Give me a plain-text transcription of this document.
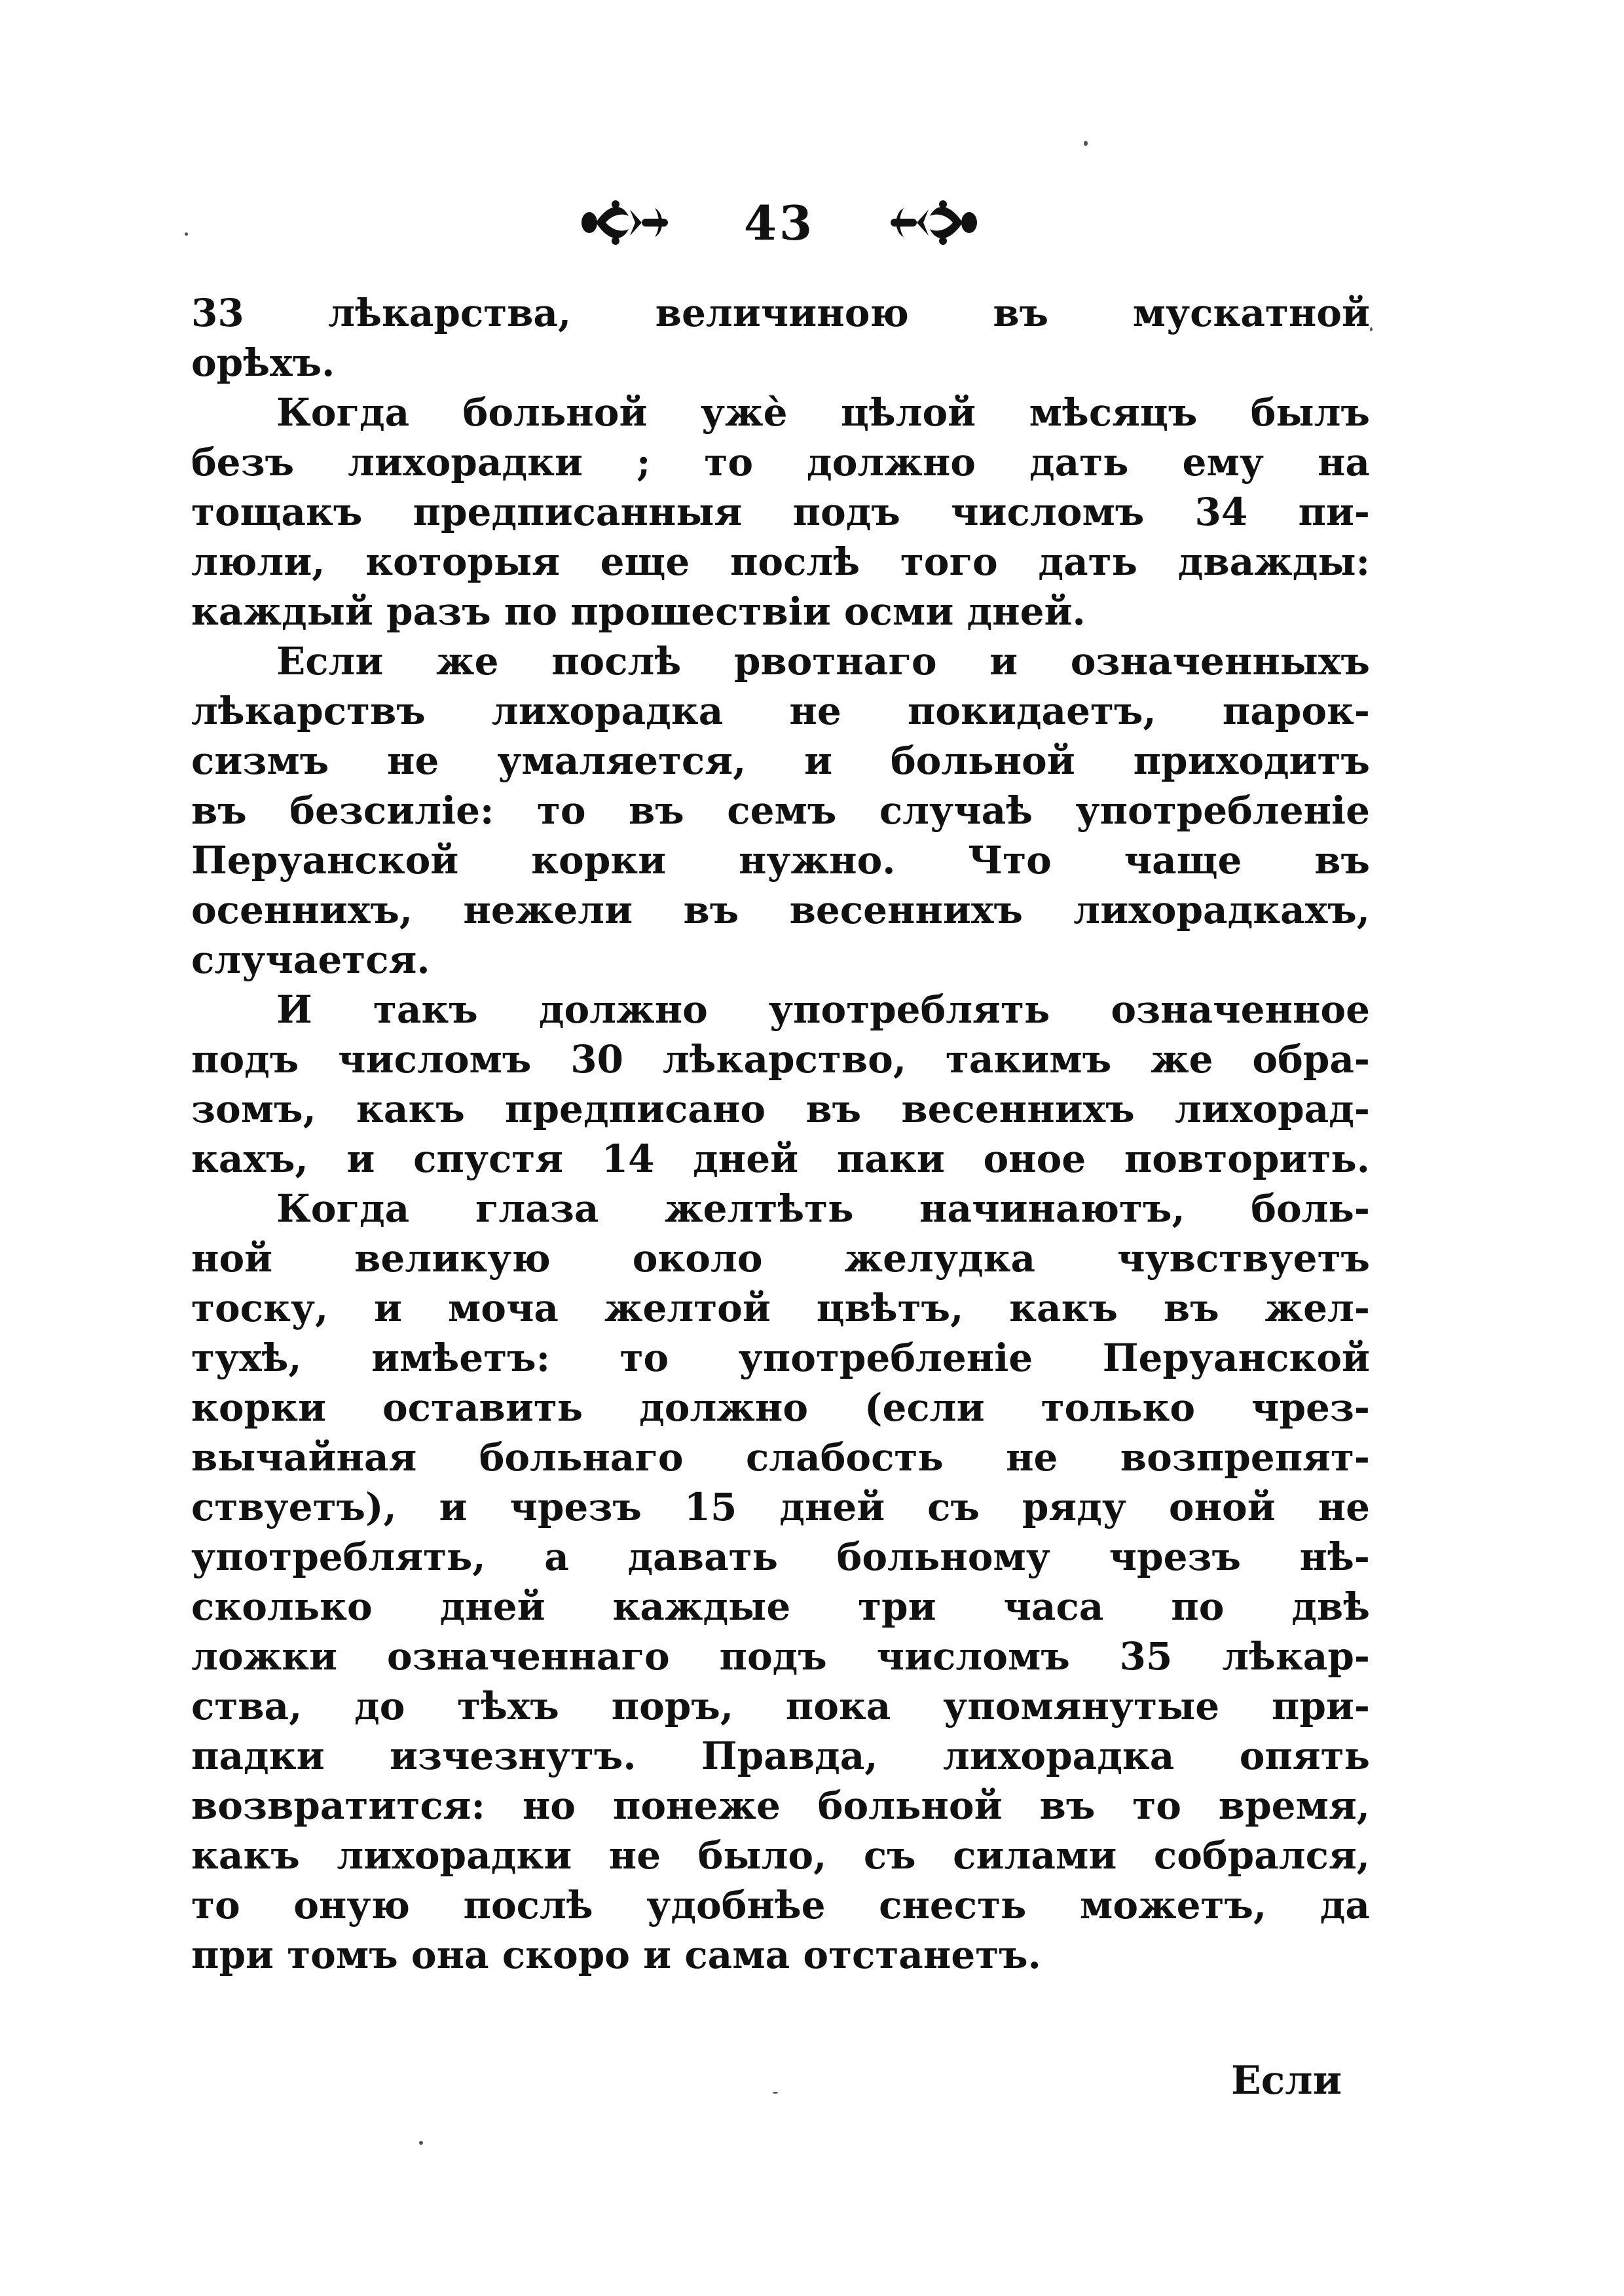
43
33 лѣкарства, величиною въ мускатной
орѣхъ.
Когда больной ужѐ цѣлой мѣсяцъ былъ
безъ лихорадки ; то должно дать ему на
тощакъ предписанныя подъ числомъ 34 пи-
люли, которыя еще послѣ того дать дважды:
каждый разъ по прошествіи осми дней.
Если же послѣ рвотнаго и означенныхъ
лѣкарствъ лихорадка не покидаетъ, парок-
сизмъ не умаляется, и больной приходитъ
въ безсиліе: то въ семъ случаѣ употребленіе
Перуанской корки нужно. Что чаще въ
осеннихъ, нежели въ весеннихъ лихорадкахъ,
случается.
И такъ должно употреблять означенное
подъ числомъ 30 лѣкарство, такимъ же обра-
зомъ, какъ предписано въ весеннихъ лихорад-
кахъ, и спустя 14 дней паки оное повторить.
Когда глаза желтѣть начинаютъ, боль-
ной великую около желудка чувствуетъ
тоску, и моча желтой цвѣтъ, какъ въ жел-
тухѣ, имѣетъ: то употребленіе Перуанской
корки оставить должно (если только чрез-
вычайная больнаго слабость не возпрепят-
ствуетъ), и чрезъ 15 дней съ ряду оной не
употреблять, а давать больному чрезъ нѣ-
сколько дней каждые три часа по двѣ
ложки означеннаго подъ числомъ 35 лѣкар-
ства, до тѣхъ поръ, пока упомянутые при-
падки изчезнутъ. Правда, лихорадка опять
возвратится: но понеже больной въ то время,
какъ лихорадки не было, съ силами собрался,
то оную послѣ удобнѣе снесть можетъ, да
при томъ она скоро и сама отстанетъ.
Если
